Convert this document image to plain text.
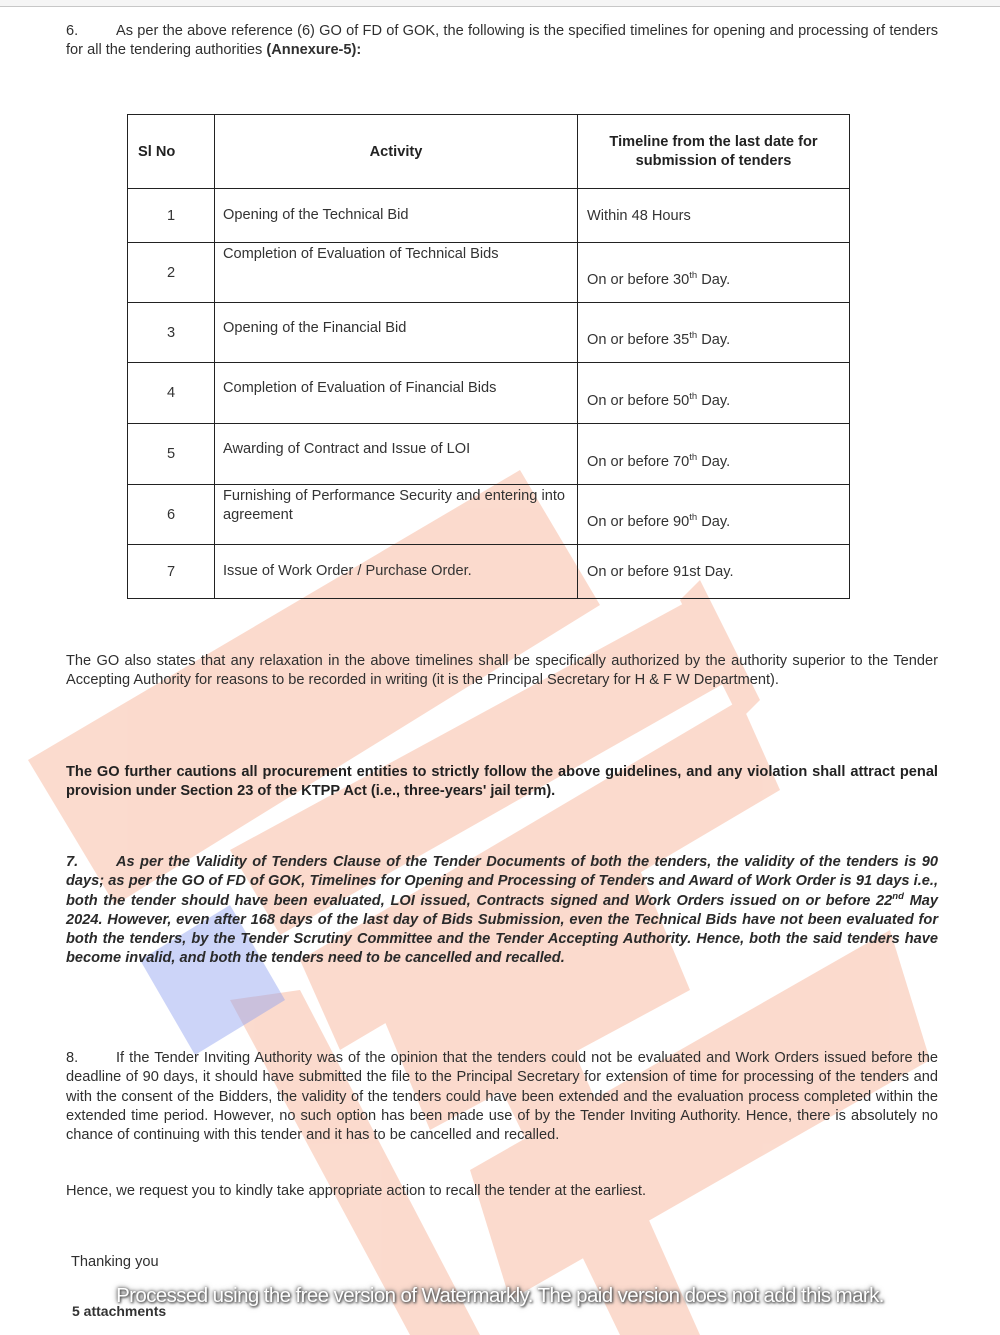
6.	As per the above reference (6) GO of FD of GOK, the following is the specified timelines for opening and processing of tenders for all the tendering authorities (Annexure-5):

Sl No	Activity	Timeline from the last date for submission of tenders

1	Opening of the Technical Bid	Within 48 Hours
2	Completion of Evaluation of Technical Bids	On or before 30th Day.
3	Opening of the Financial Bid	On or before 35th Day.
4	Completion of Evaluation of Financial Bids	On or before 50th Day.
5	Awarding of Contract and Issue of LOI	On or before 70th Day.
6	Furnishing of Performance Security and entering into agreement	On or before 90th Day.
7	Issue of Work Order / Purchase Order.	On or before 91st Day.

The GO also states that any relaxation in the above timelines shall be specifically authorized by the authority superior to the Tender Accepting Authority for reasons to be recorded in writing (it is the Principal Secretary for H & F W Department).

The GO further cautions all procurement entities to strictly follow the above guidelines, and any violation shall attract penal provision under Section 23 of the KTPP Act (i.e., three-years' jail term).

7.	As per the Validity of Tenders Clause of the Tender Documents of both the tenders, the validity of the tenders is 90 days; as per the GO of FD of GOK, Timelines for Opening and Processing of Tenders and Award of Work Order is 91 days i.e., both the tender should have been evaluated, LOI issued, Contracts signed and Work Orders issued on or before 22nd May 2024. However, even after 168 days of the last day of Bids Submission, even the Technical Bids have not been evaluated for both the tenders, by the Tender Scrutiny Committee and the Tender Accepting Authority. Hence, both the said tenders have become invalid, and both the tenders need to be cancelled and recalled.

8.	If the Tender Inviting Authority was of the opinion that the tenders could not be evaluated and Work Orders issued before the deadline of 90 days, it should have submitted the file to the Principal Secretary for extension of time for processing of the tenders and with the consent of the Bidders, the validity of the tenders could have been extended and the evaluation process completed within the extended time period. However, no such option has been made use of by the Tender Inviting Authority. Hence, there is absolutely no chance of continuing with this tender and it has to be cancelled and recalled.

Hence, we request you to kindly take appropriate action to recall the tender at the earliest.

Thanking you
5 attachments
Processed using the free version of Watermarkly. The paid version does not add this mark.
